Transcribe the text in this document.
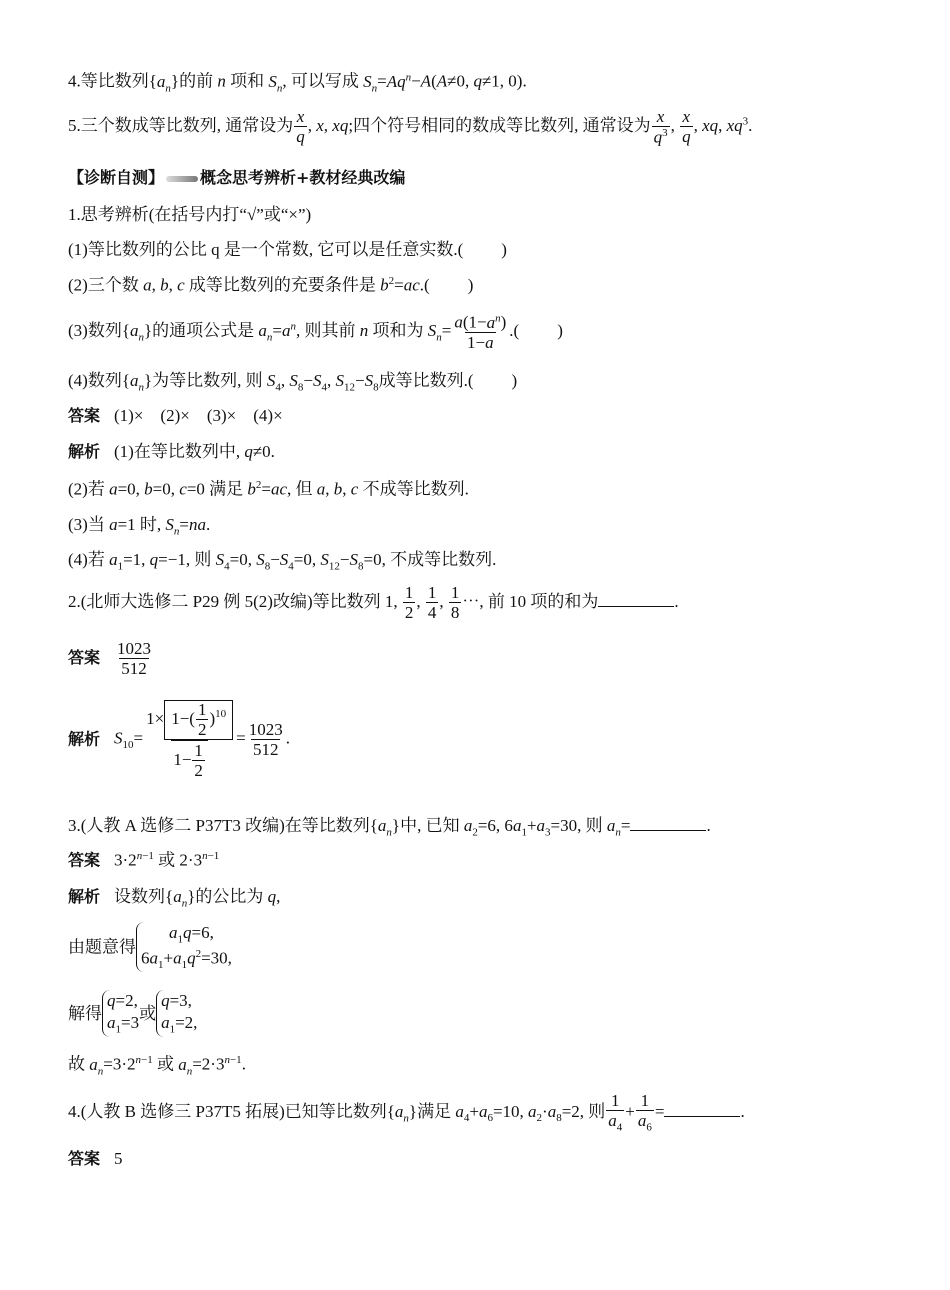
4.等比数列$\{a_n\}$的前 n 项和 $S_n$, 可以写成 $S_n=Aq^n-A(A\ne 0$, q≠1, 0).
5.三个数成等比数列, 通常设为 $\frac{x}{q}$ , x, xq;四个符号相同的数成等比数列, 通常设为 $\frac{x}{q^3}$ , $\frac{x}{q}$ , xq, $xq^3$.
【诊断自测】 概念思考辨析+教材经典改编
1.思考辨析(在括号内打“√”或“×”)
(1)等比数列的公比 q 是一个常数, 它可以是任意实数.( )
(2)三个数 a, b, c 成等比数列的充要条件是 $b^2=ac$.( )
(3)数列$\{a_n\}$的通项公式是 $a_n=a^n$, 则其前 n 项和为 $S_n= \frac{a(1-a^n)}{1-a}$ .( )
(4)数列$\{a_n\}$为等比数列, 则 $S_4$, $S_8-S_4$, $S_{12}-S_8$成等比数列.( )
答案 (1)×　(2)×　(3)×　(4)×
解析 (1)在等比数列中, q≠0.
(2)若 a=0, b=0, c=0 满足 $b^2=ac$, 但 a, b, c 不成等比数列.
(3)当 a=1 时, $S_n=na$.
(4)若 $a_1=1$, q=−1, 则 $S_4=0$, $S_8-S_4=0$, $S_{12}-S_8=0$, 不成等比数列.
2.(北师大选修二 P29 例 5(2)改编)等比数列 1, $\frac{1}{2}$ , $\frac{1}{4}$ , $\frac{1}{8}$ ⋯, 前 10 项的和为	.
答案 $\frac{1023}{512}$
解析 $S_{10}= \frac{1\times 1-( \frac{1}{2} )^{10}}{1- \frac{1}{2}} = \frac{1023}{512}$ .
3.(人教 A 选修二 P37T3 改编)在等比数列$\{a_n\}$中, 已知 $a_2=6$, $6a_1+a_3=30$, 则 $a_n=$	.
答案 $3\cdot 2^{n-1}$ 或 $2\cdot 3^{n-1}$
解析 设数列$\{a_n\}$的公比为 q,
由题意得$a_1q=6$,
$6a_1+a_1q^2=30$,
解得q=2,
$a_1=3$或q=3,
$a_1=2$,
故 $a_n=3\cdot 2^{n-1}$ 或 $a_n=2\cdot 3^{n-1}$.
4.(人教 B 选修三 P37T5 拓展)已知等比数列$\{a_n\}$满足 $a_4+a_6=10$, $a_2\cdot a_8=2$, 则 $\frac{1}{a_4} + \frac{1}{a_6}$ =	.
答案 5
